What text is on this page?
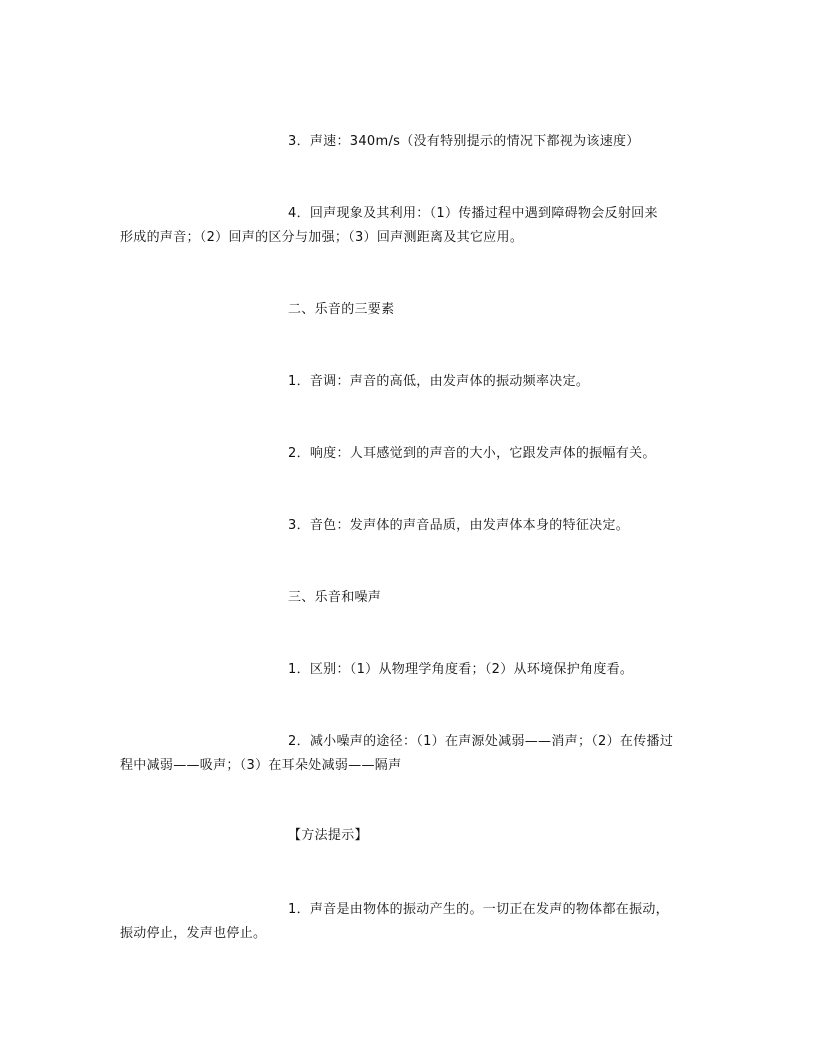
3．声速：340m/s（没有特别提示的情况下都视为该速度）
4．回声现象及其利用：（1）传播过程中遇到障碍物会反射回来
形成的声音；（2）回声的区分与加强；（3）回声测距离及其它应用。
二、乐音的三要素
1．音调：声音的高低，由发声体的振动频率决定。
2．响度：人耳感觉到的声音的大小，它跟发声体的振幅有关。
3．音色：发声体的声音品质，由发声体本身的特征决定。
三、乐音和噪声
1．区别：（1）从物理学角度看；（2）从环境保护角度看。
2．减小噪声的途径：（1）在声源处减弱——消声；（2）在传播过
程中减弱——吸声；（3）在耳朵处减弱——隔声
【方法提示】
1．声音是由物体的振动产生的。一切正在发声的物体都在振动，
振动停止，发声也停止。
